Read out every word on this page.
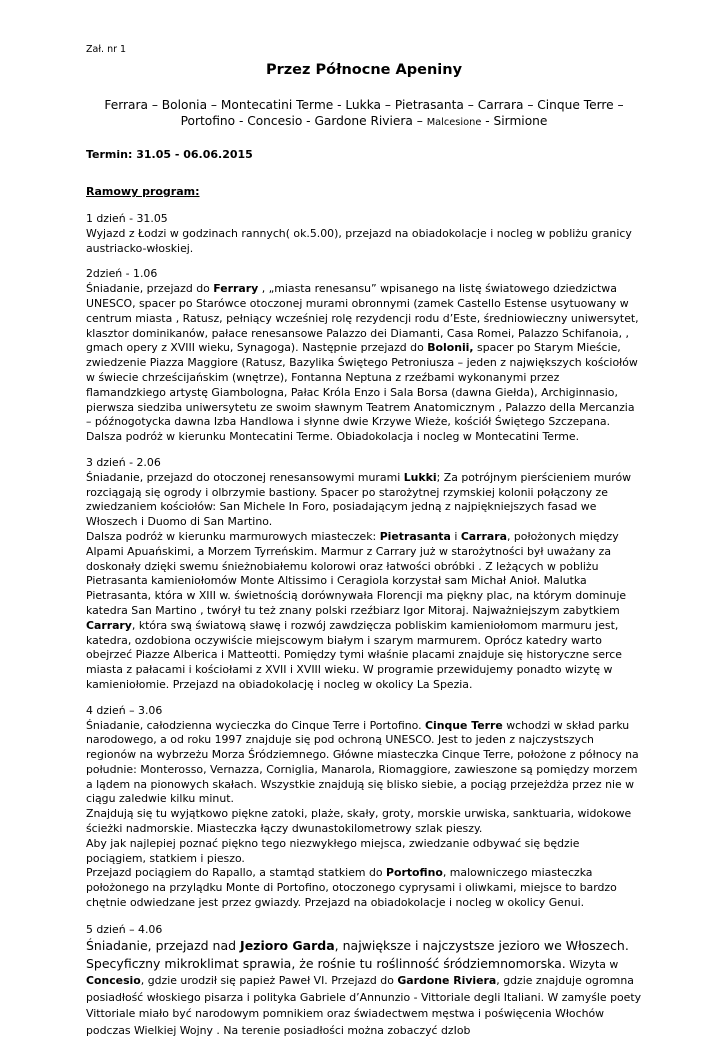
Zał. nr 1

Przez Północne Apeniny
Ferrara – Bolonia – Montecatini Terme - Lukka – Pietrasanta – Carrara – Cinque Terre –
Portofino - Concesio - Gardone Riviera – Malcesione - Sirmione
Termin: 31.05 - 06.06.2015
Ramowy program:

1 dzień - 31.05

Wyjazd z Łodzi w godzinach rannych( ok.5.00), przejazd na obiadokolacje i nocleg w pobliżu granicy austriacko-włoskiej.

2dzień - 1.06

Śniadanie, przejazd do Ferrary , „miasta renesansu” wpisanego na listę światowego dziedzictwa UNESCO, spacer po Starówce otoczonej murami obronnymi (zamek Castello Estense usytuowany w centrum miasta , Ratusz, pełniący wcześniej rolę rezydencji rodu d’Este, średniowieczny uniwersytet, klasztor dominikanów, pałace renesansowe Palazzo dei Diamanti, Casa Romei, Palazzo Schifanoia, , gmach opery z XVIII wieku, Synagoga). Następnie przejazd do Bolonii, spacer po Starym Mieście, zwiedzenie Piazza Maggiore (Ratusz, Bazylika Świętego Petroniusza – jeden z największych kościołów w świecie chrześcijańskim (wnętrze), Fontanna Neptuna z rzeźbami wykonanymi przez flamandzkiego artystę Giambologna, Pałac Króla Enzo i Sala Borsa (dawna Giełda), Archiginnasio, pierwsza siedziba uniwersytetu ze swoim sławnym Teatrem Anatomicznym , Palazzo della Mercanzia – późnogotycka dawna Izba Handlowa i słynne dwie Krzywe Wieże, kościół Świętego Szczepana. Dalsza podróż w kierunku Montecatini Terme. Obiadokolacja i nocleg w Montecatini Terme.

3 dzień - 2.06

Śniadanie, przejazd do otoczonej renesansowymi murami Lukki; Za potrójnym pierścieniem murów rozciągają się ogrody i olbrzymie bastiony. Spacer po starożytnej rzymskiej kolonii połączony ze zwiedzaniem kościołów: San Michele In Foro, posiadającym jedną z najpiękniejszych fasad we Włoszech i Duomo di San Martino.

Dalsza podróż w kierunku marmurowych miasteczek: Pietrasanta i Carrara, położonych między Alpami Apuańskimi, a Morzem Tyrreńskim. Marmur z Carrary już w starożytności był uważany za doskonały dzięki swemu śnieżnobiałemu kolorowi oraz łatwości obróbki . Z leżących w pobliżu Pietrasanta kamieniołomów Monte Altissimo i Ceragiola korzystał sam Michał Anioł. Malutka Pietrasanta, która w XIII w. świetnością dorównywała Florencji ma piękny plac, na którym dominuje katedra San Martino , twórył tu też znany polski rzeźbiarz Igor Mitoraj. Najważniejszym zabytkiem Carrary, która swą światową sławę i rozwój zawdzięcza pobliskim kamieniołomom marmuru jest, katedra, ozdobiona oczywiście miejscowym białym i szarym marmurem. Oprócz katedry warto obejrzeć Piazze Alberica i Matteotti. Pomiędzy tymi właśnie placami znajduje się historyczne serce miasta z pałacami i kościołami z XVII i XVIII wieku. W programie przewidujemy ponadto wizytę w kamieniołomie. Przejazd na obiadokolację i nocleg w okolicy La Spezia.

4 dzień – 3.06

Śniadanie, całodzienna wycieczka do Cinque Terre i Portofino. Cinque Terre wchodzi w skład parku narodowego, a od roku 1997 znajduje się pod ochroną UNESCO. Jest to jeden z najczystszych regionów na wybrzeżu Morza Śródziemnego. Główne miasteczka Cinque Terre, położone z północy na południe: Monterosso, Vernazza, Corniglia, Manarola, Riomaggiore, zawieszone są pomiędzy morzem a lądem na pionowych skałach. Wszystkie znajdują się blisko siebie, a pociąg przejeżdża przez nie w ciągu zaledwie kilku minut.

Znajdują się tu wyjątkowo piękne zatoki, plaże, skały, groty, morskie urwiska, sanktuaria, widokowe ścieżki nadmorskie. Miasteczka łączy dwunastokilometrowy szlak pieszy.

Aby jak najlepiej poznać piękno tego niezwykłego miejsca, zwiedzanie odbywać się będzie pociągiem, statkiem i pieszo.

Przejazd pociągiem do Rapallo, a stamtąd statkiem do Portofino, malowniczego miasteczka położonego na przylądku Monte di Portofino, otoczonego cyprysami i oliwkami, miejsce to bardzo chętnie odwiedzane jest przez gwiazdy. Przejazd na obiadokolacje i nocleg w okolicy Genui.

5 dzień – 4.06

Śniadanie, przejazd nad Jezioro Garda, największe i najczystsze jezioro we Włoszech. Specyficzny mikroklimat sprawia, że rośnie tu roślinność śródziemnomorska. Wizyta w Concesio, gdzie urodził się papież Paweł VI. Przejazd do Gardone Riviera, gdzie znajduje ogromna posiadłość włoskiego pisarza i polityka Gabriele d’Annunzio - Vittoriale degli Italiani. W zamyśle poety Vittoriale miało być narodowym pomnikiem oraz świadectwem męstwa i poświęcenia Włochów podczas Wielkiej Wojny . Na terenie posiadłości można zobaczyć dzIob
